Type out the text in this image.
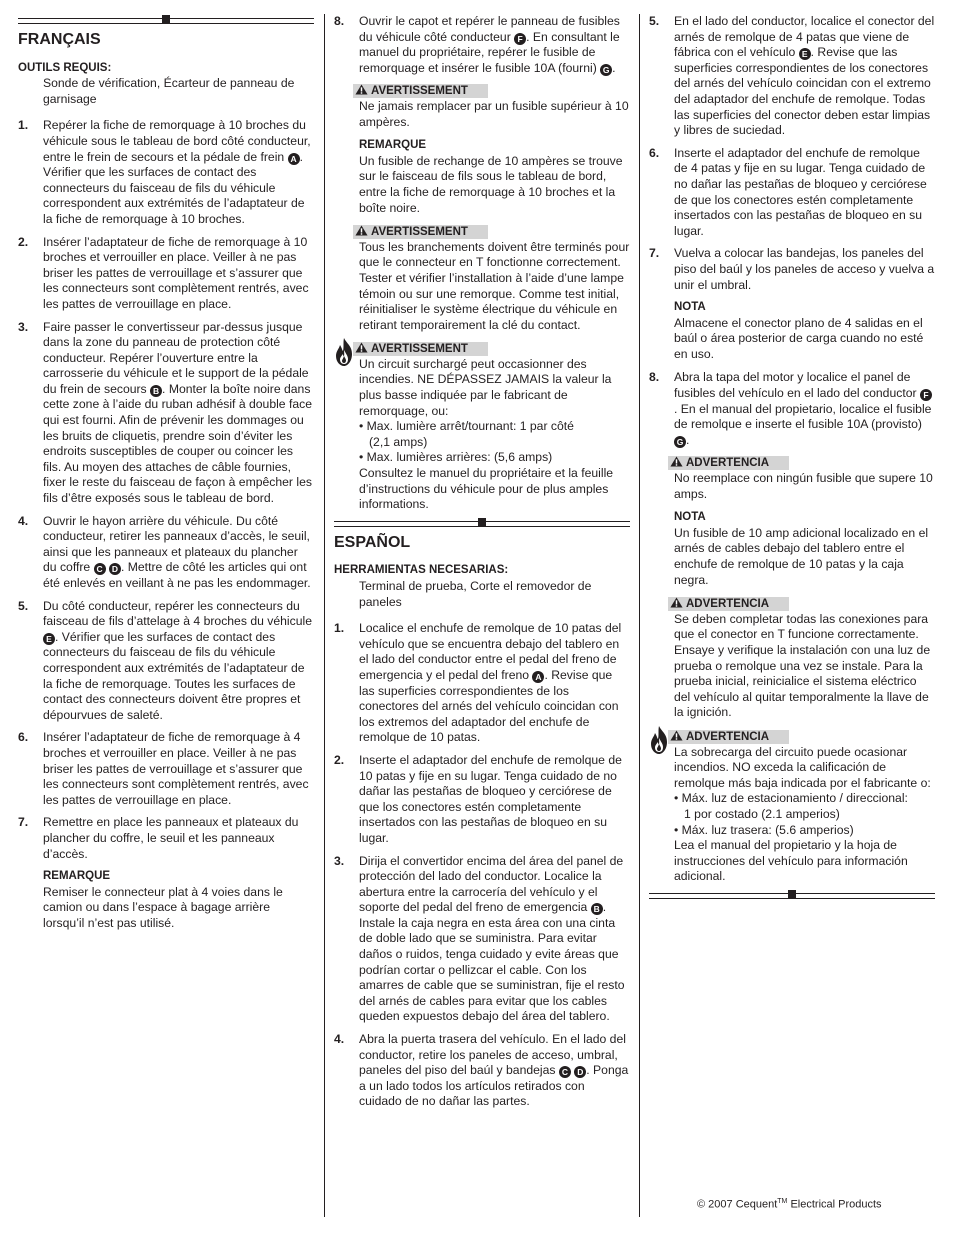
FRANÇAIS
OUTILS REQUIS:
Sonde de vérification, Écarteur de panneau de garnisage
1. Repérer la fiche de remorquage à 10 broches du véhicule sous le tableau de bord côté conducteur, entre le frein de secours et la pédale de frein A . Vérifier que les surfaces de contact des connecteurs du faisceau de fils du véhicule correspondent aux extrémités de l’adaptateur de la fiche de remorquage à 10 broches.
2. Insérer l’adaptateur de fiche de remorquage à 10 broches et verrouiller en place. Veiller à ne pas briser les pattes de verrouillage et s’assurer que les connecteurs sont complètement rentrés, avec les pattes de verrouillage en place.
3. Faire passer le convertisseur par-dessus jusque dans la zone du panneau de protection côté conducteur. Repérer l’ouverture entre la carrosserie du véhicule et le support de la pédale du frein de secours B . Monter la boîte noire dans cette zone à l’aide du ruban adhésif à double face qui est fourni. Afin de prévenir les dommages ou les bruits de cliquetis, prendre soin d’éviter les endroits susceptibles de couper ou coincer les fils. Au moyen des attaches de câble fournies, fixer le reste du faisceau de façon à empêcher les fils d’être exposés sous le tableau de bord.
4. Ouvrir le hayon arrière du véhicule. Du côté conducteur, retirer les panneaux d’accès, le seuil, ainsi que les panneaux et plateaux du plancher du coffre C D . Mettre de côté les articles qui ont été enlevés en veillant à ne pas les endommager.
5. Du côté conducteur, repérer les connecteurs du faisceau de fils d’attelage à 4 broches du véhicule E . Vérifier que les surfaces de contact des connecteurs du faisceau de fils du véhicule correspondent aux extrémités de l’adaptateur de la fiche de remorquage. Toutes les surfaces de contact des connecteurs doivent être propres et dépourvues de saleté.
6. Insérer l’adaptateur de fiche de remorquage à 4 broches et verrouiller en place. Veiller à ne pas briser les pattes de verrouillage et s’assurer que les connecteurs sont complètement rentrés, avec les pattes de verrouillage en place.
7. Remettre en place les panneaux et plateaux du plancher du coffre, le seuil et les panneaux d’accès.
REMARQUE
Remiser le connecteur plat à 4 voies dans le camion ou dans l’espace à bagage arrière lorsqu’il n’est pas utilisé.
8. Ouvrir le capot et repérer le panneau de fusibles du véhicule côté conducteur F . En consultant le manuel du propriétaire, repérer le fusible de remorquage et insérer le fusible 10A (fourni) G .
AVERTISSEMENT
Ne jamais remplacer par un fusible supérieur à 10 ampères.
REMARQUE
Un fusible de rechange de 10 ampères se trouve sur le faisceau de fils sous le tableau de bord, entre la fiche de remorquage à 10 broches et la boîte noire.
AVERTISSEMENT
Tous les branchements doivent être terminés pour que le connecteur en T fonctionne correctement. Tester et vérifier l’installation à l’aide d’une lampe témoin ou sur une remorque. Comme test initial, réinitialiser le système électrique du véhicule en retirant temporairement la clé du contact.
AVERTISSEMENT
Un circuit surchargé peut occasionner des incendies. NE DÉPASSEZ JAMAIS la valeur la plus basse indiquée par le fabricant de remorquage, ou:
• Max. lumière arrêt/tournant: 1 par côté
(2,1 amps)
• Max. lumières arrières: (5,6 amps)
Consultez le manuel du propriétaire et la feuille d’instructions du véhicule pour de plus amples informations.
ESPAÑOL
HERRAMIENTAS NECESARIAS:
Terminal de prueba, Corte el removedor de paneles
1. Localice el enchufe de remolque de 10 patas del vehículo que se encuentra debajo del tablero en el lado del conductor entre el pedal del freno de emergencia y el pedal del freno A . Revise que las superficies correspondientes de los conectores del arnés del vehículo coincidan con los extremos del adaptador del enchufe de remolque de 10 patas.
2. Inserte el adaptador del enchufe de remolque de 10 patas y fije en su lugar. Tenga cuidado de no dañar las pestañas de bloqueo y cerciórese de que los conectores estén completamente insertados con las pestañas de bloqueo en su lugar.
3. Dirija el convertidor encima del área del panel de protección del lado del conductor. Localice la abertura entre la carrocería del vehículo y el soporte del pedal del freno de emergencia B . Instale la caja negra en esta área con una cinta de doble lado que se suministra. Para evitar daños o ruidos, tenga cuidado y evite áreas que podrían cortar o pellizcar el cable. Con los amarres de cable que se suministran, fije el resto del arnés de cables para evitar que los cables queden expuestos debajo del área del tablero.
4. Abra la puerta trasera del vehículo. En el lado del conductor, retire los paneles de acceso, umbral, paneles del piso del baúl y bandejas C D . Ponga a un lado todos los artículos retirados con cuidado de no dañar las partes.
5. En el lado del conductor, localice el conector del arnés de remolque de 4 patas que viene de fábrica con el vehículo E . Revise que las superficies correspondientes de los conectores del arnés del vehículo coincidan con el extremo del adaptador del enchufe de remolque. Todas las superficies del conector deben estar limpias y libres de suciedad.
6. Inserte el adaptador del enchufe de remolque de 4 patas y fije en su lugar. Tenga cuidado de no dañar las pestañas de bloqueo y cerciórese de que los conectores estén completamente insertados con las pestañas de bloqueo en su lugar.
7. Vuelva a colocar las bandejas, los paneles del piso del baúl y los paneles de acceso y vuelva a unir el umbral.
NOTA
Almacene el conector plano de 4 salidas en el baúl o área posterior de carga cuando no esté en uso.
8. Abra la tapa del motor y localice el panel de fusibles del vehículo en el lado del conductor F. En el manual del propietario, localice el fusible de remolque e inserte el fusible 10A (provisto) G .
ADVERTENCIA
No reemplace con ningún fusible que supere 10 amps.
NOTA
Un fusible de 10 amp adicional localizado en el arnés de cables debajo del tablero entre el enchufe de remolque de 10 patas y la caja negra.
ADVERTENCIA
Se deben completar todas las conexiones para que el conector en T funcione correctamente. Ensaye y verifique la instalación con una luz de prueba o remolque una vez se instale. Para la prueba inicial, reinicialice el sistema eléctrico del vehículo al quitar temporalmente la llave de la ignición.
ADVERTENCIA
La sobrecarga del circuito puede ocasionar incendios. NO exceda la calificación de remolque más baja indicada por el fabricante o:
• Máx. luz de estacionamiento / direccional:
1 por costado (2.1 amperios)
• Máx. luz trasera: (5.6 amperios)
Lea el manual del propietario y la hoja de instrucciones del vehículo para información adicional.
© 2007 Cequent™ Electrical Products
